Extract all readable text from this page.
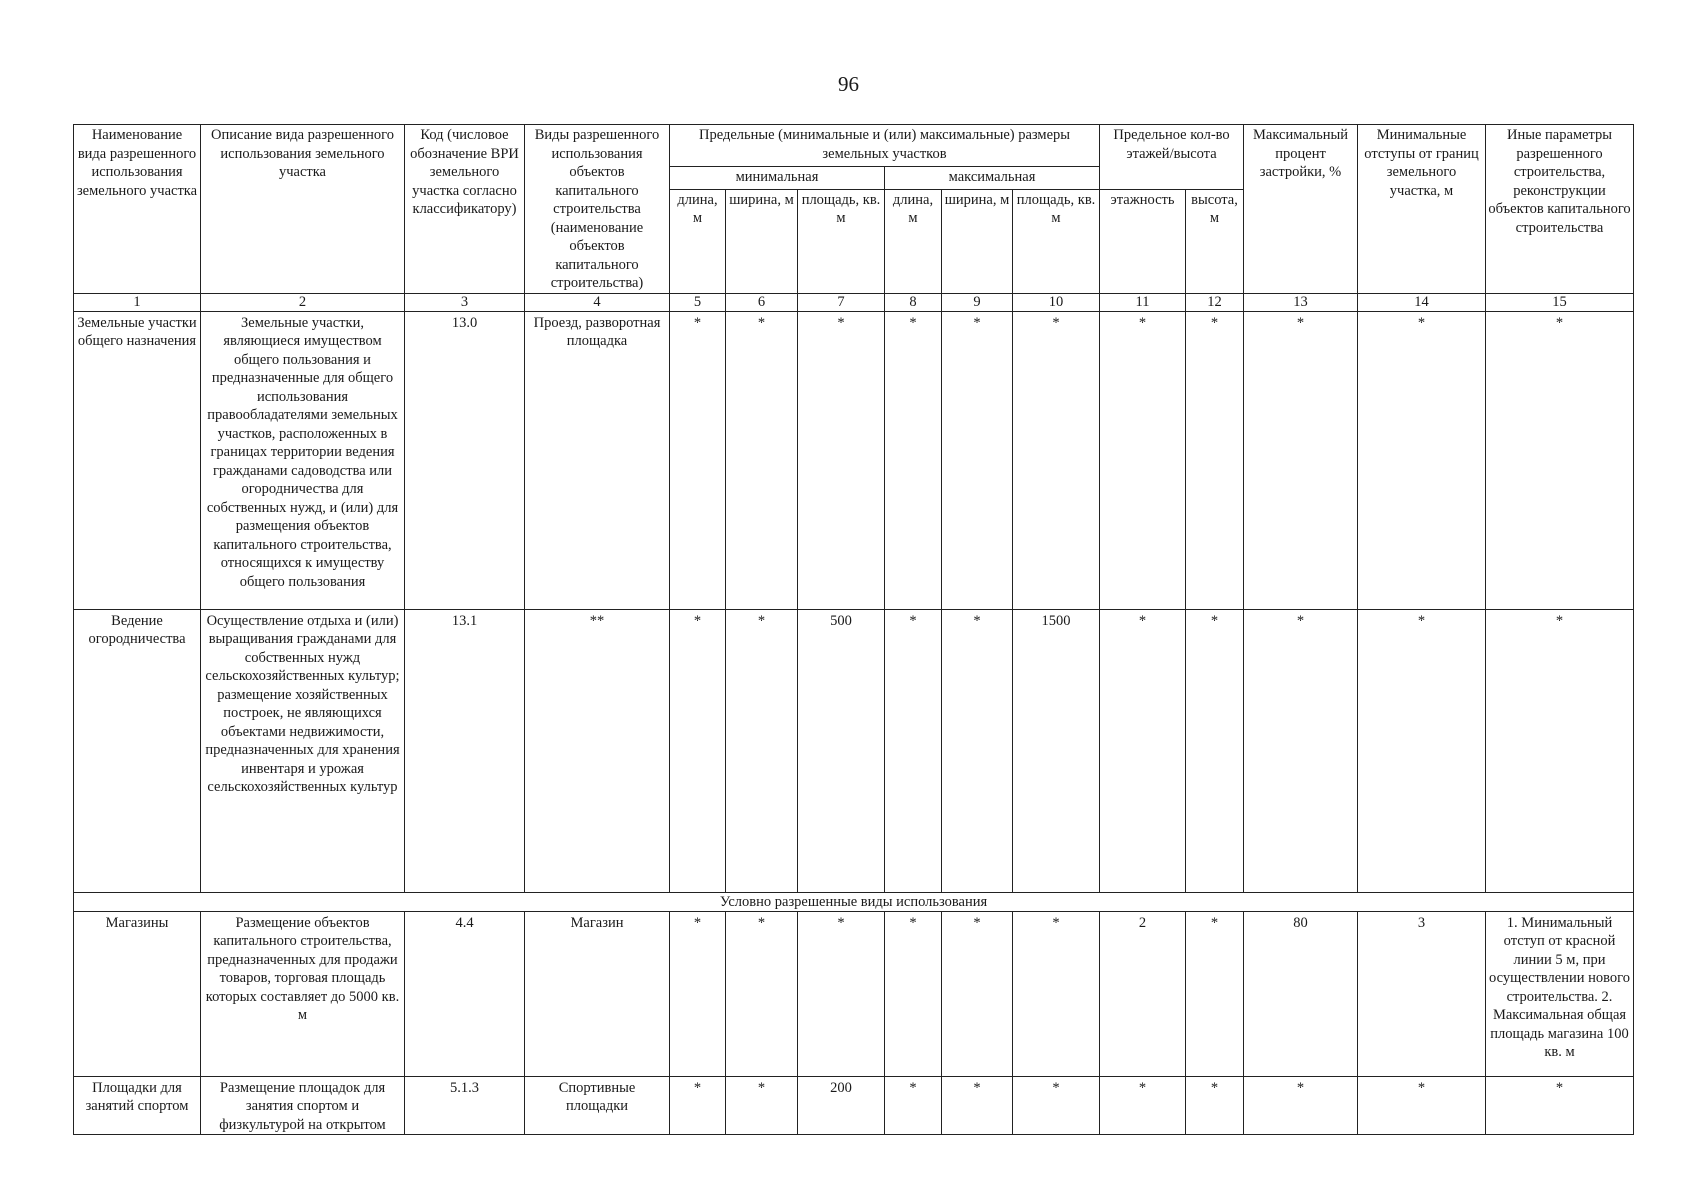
96
Наименование вида разрешенного использования земельного участка	Описание вида разрешенного использования земельного участка	Код (числовое обозначение ВРИ земельного участка согласно классификатору)	Виды разрешенного использования объектов капитального строительства (наименование объектов капитального строительства)	Предельные (минимальные и (или) максимальные) размеры земельных участков						Предельное кол-во этажей/высота		Максимальный процент застройки, %	Минимальные отступы от границ земельного участка, м	Иные параметры разрешенного строительства, реконструкции объектов капитального строительства
				минимальная			максимальная							
				длина, м	ширина, м	площадь, кв. м	длина, м	ширина, м	площадь, кв. м	этажность	высота, м			
1	2	3	4	5	6	7	8	9	10	11	12	13	14	15
Земельные участки общего назначения	Земельные участки, являющиеся имуществом общего пользования и предназначенные для общего использования правообладателями земельных участков, расположенных в границах территории ведения гражданами садоводства или огородничества для собственных нужд, и (или) для размещения объектов капитального строительства, относящихся к имуществу общего пользования	13.0	Проезд, разворотная площадка	*	*	*	*	*	*	*	*	*	*	*
Ведение огородничества	Осуществление отдыха и (или) выращивания гражданами для собственных нужд сельскохозяйственных культур; размещение хозяйственных построек, не являющихся объектами недвижимости, предназначенных для хранения инвентаря и урожая сельскохозяйственных культур	13.1	**	*	*	500	*	*	1500	*	*	*	*	*
Условно разрешенные виды использования														
Магазины	Размещение объектов капитального строительства, предназначенных для продажи товаров, торговая площадь которых составляет до 5000 кв. м	4.4	Магазин	*	*	*	*	*	*	2	*	80	3	1. Минимальный отступ от красной линии 5 м, при осуществлении нового строительства. 2. Максимальная общая площадь магазина 100 кв. м
Площадки для занятий спортом	Размещение площадок для занятия спортом и физкультурой на открытом	5.1.3	Спортивные площадки	*	*	200	*	*	*	*	*	*	*	*
